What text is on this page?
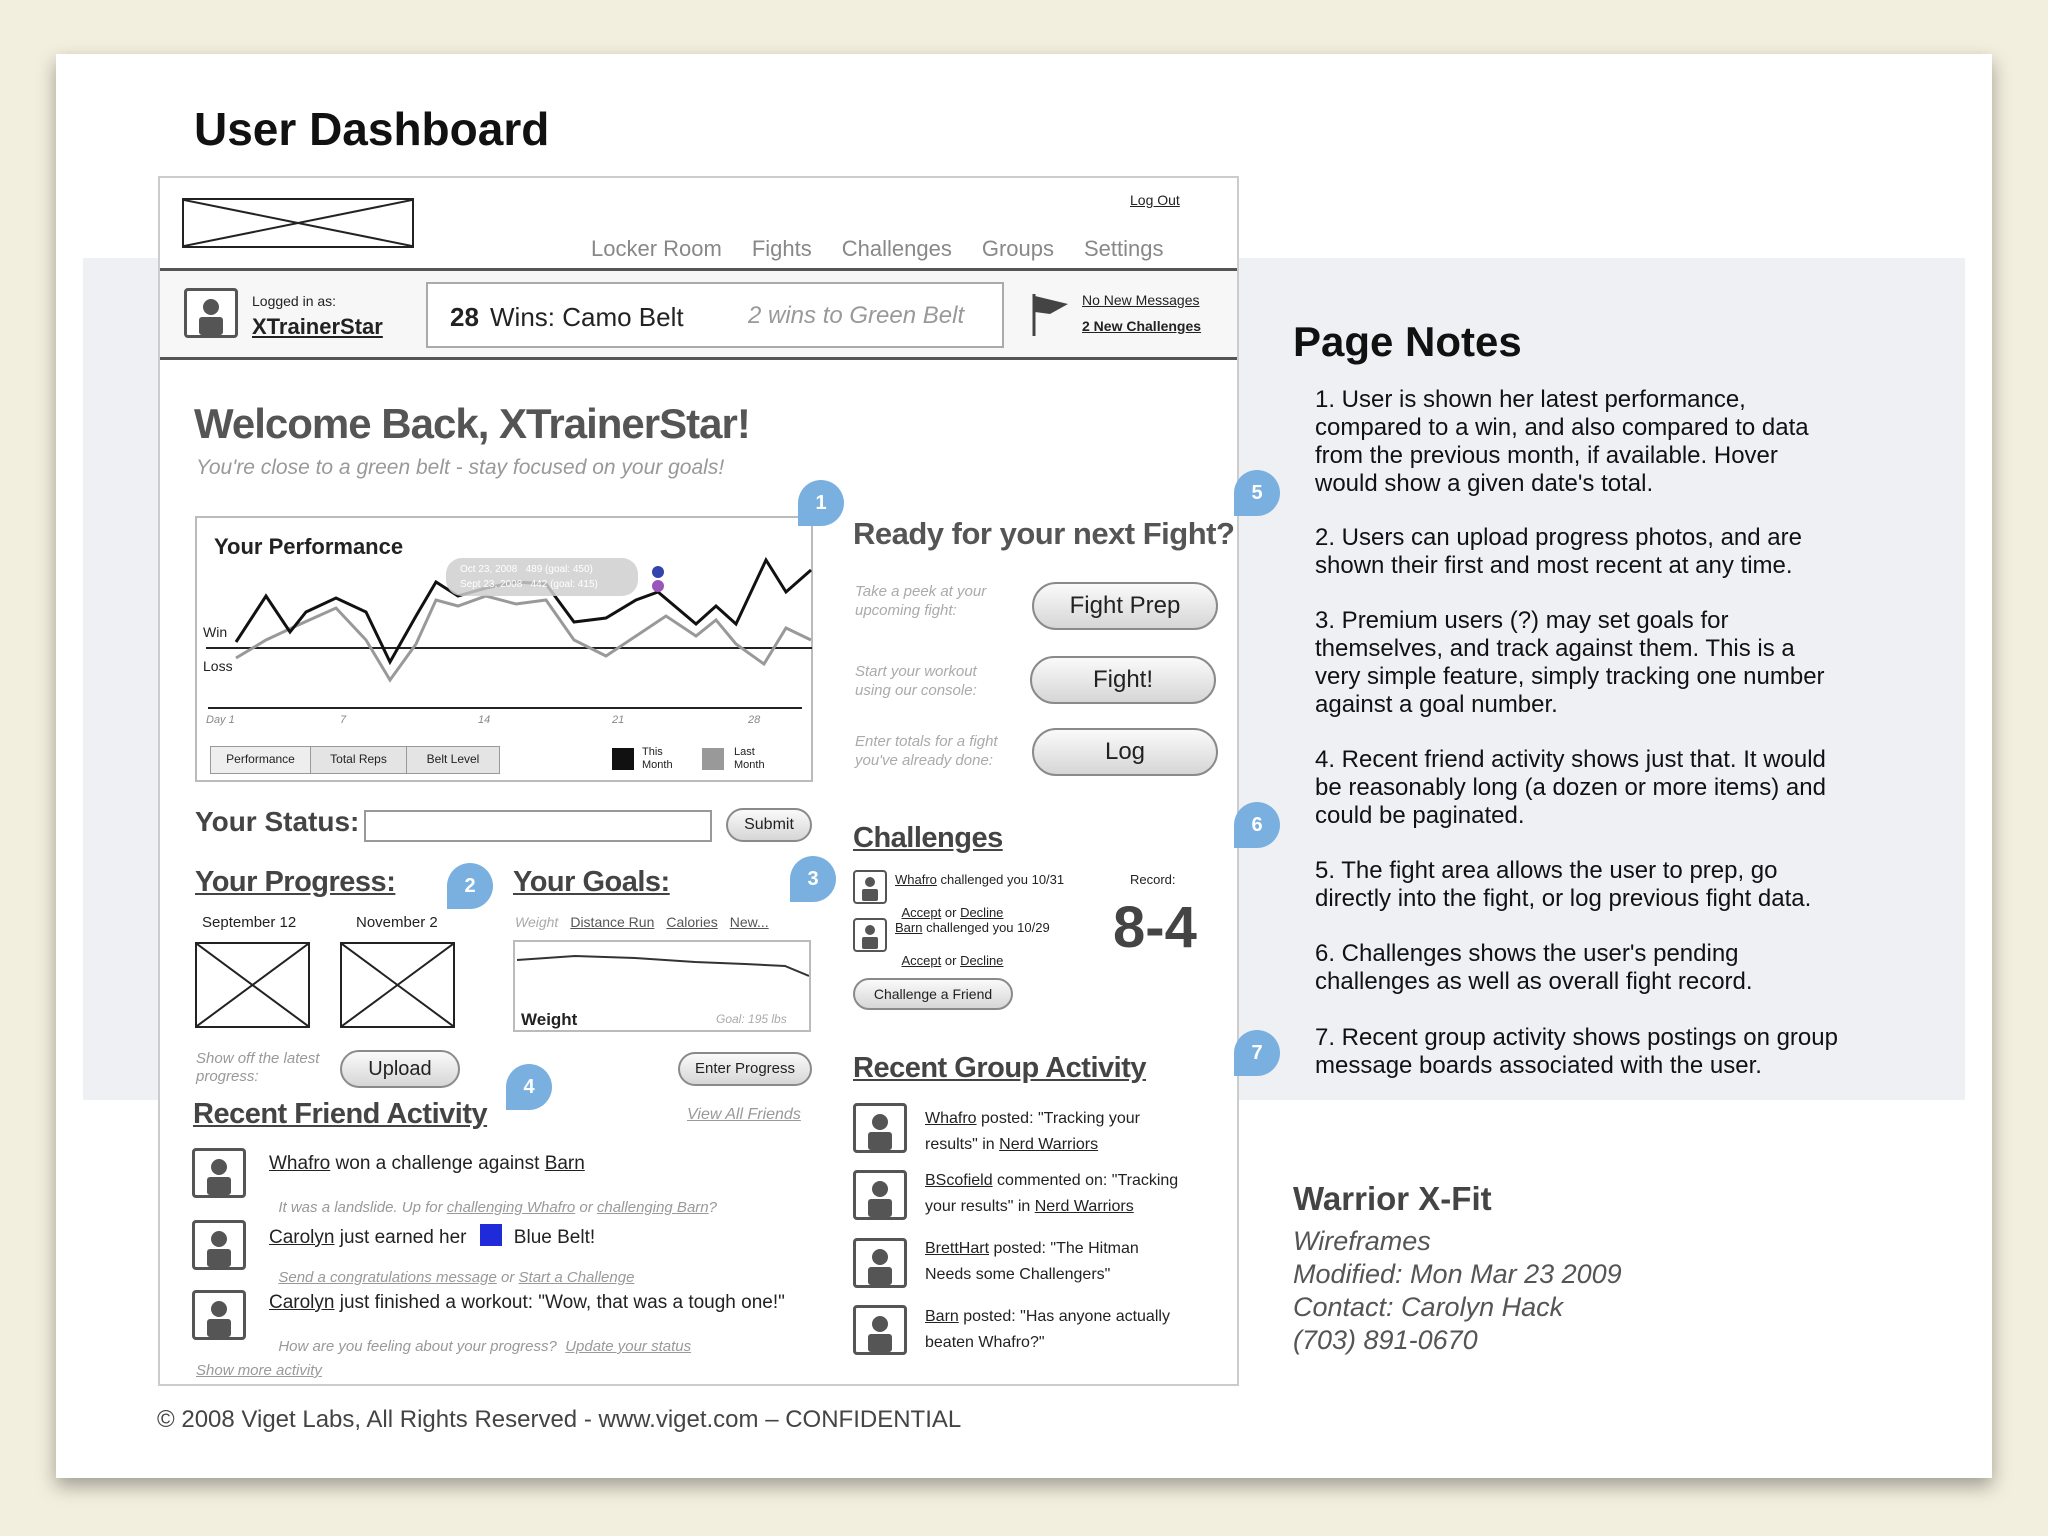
User Dashboard
Log Out
Locker Room Fights Challenges Groups Settings
Logged in as:
XTrainerStar	28 Wins: Camo Belt	2 wins to Green Belt
No New Messages
2 New Challenges
Welcome Back, XTrainerStar!
You're close to a green belt - stay focused on your goals!
Your Performance
Oct 23, 2008   489 (goal: 450)
Sept 23, 2008   442 (goal: 415)
Win
Loss
Day 1	7	14	21	28
Performance	Total Reps	Belt Level	This Month
Last Month
Your Status:	Submit
Your Progress:
September 12	November 2
Show off the latest progress:	Upload
Your Goals:
Weight Distance Run Calories New...
Weight	Goal: 195 lbs
Enter Progress
Recent Friend Activity	View All Friends
Whafro won a challenge against Barn

It was a landslide. Up for challenging Whafro or challenging Barn?

Carolyn just earned her Blue Belt!

Send a congratulations message or Start a Challenge

Carolyn just finished a workout: "Wow, that was a tough one!"

How are you feeling about your progress?  Update your status

Show more activity
Ready for your next Fight?
Take a peek at your upcoming fight:	Fight Prep
Start your workout using our console:	Fight!
Enter totals for a fight you've already done:	Log
Challenges
Whafro challenged you 10/31

Accept or Decline

Barn challenged you 10/29

Accept or Decline

Record:
8-4
Challenge a Friend
Recent Group Activity
Whafro posted: "Tracking your
results" in Nerd Warriors
BScofield commented on: "Tracking
your results" in Nerd Warriors
BrettHart posted: "The Hitman
Needs some Challengers"
Barn posted: "Has anyone actually
beaten Whafro?"
1
2	3
4
5
6
7
© 2008 Viget Labs, All Rights Reserved - www.viget.com – CONFIDENTIAL
Page Notes
1. User is shown her latest performance,
compared to a win, and also compared to data
from the previous month, if available. Hover
would show a given date's total.
2. Users can upload progress photos, and are
shown their first and most recent at any time.
3. Premium users (?) may set goals for
themselves, and track against them. This is a
very simple feature, simply tracking one number
against a goal number.
4. Recent friend activity shows just that. It would
be reasonably long (a dozen or more items) and
could be paginated.
5. The fight area allows the user to prep, go
directly into the fight, or log previous fight data.
6. Challenges shows the user's pending
challenges as well as overall fight record.
7. Recent group activity shows postings on group
message boards associated with the user.
Warrior X-Fit
Wireframes
Modified: Mon Mar 23 2009
Contact: Carolyn Hack
(703) 891-0670
